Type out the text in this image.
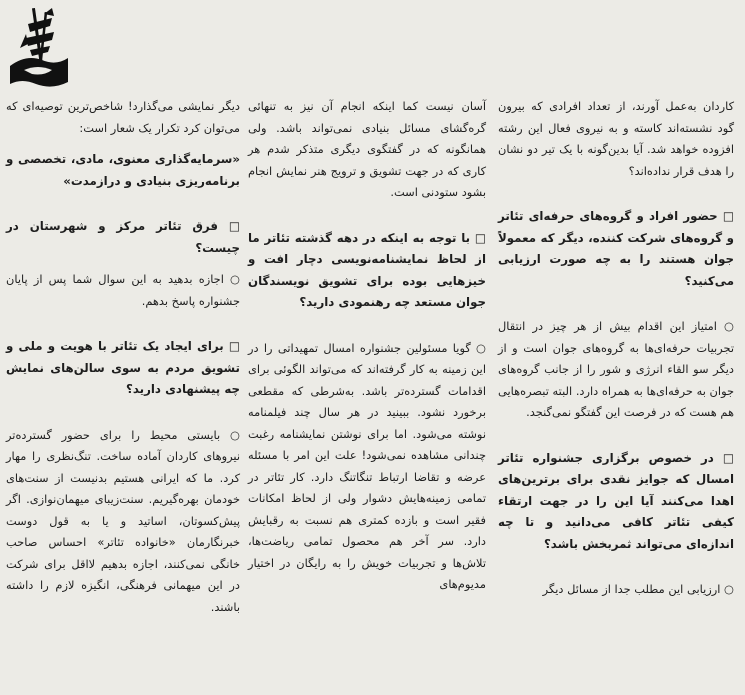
کاردان به‌عمل آورند، از تعداد افرادی که بیرون گود نشسته‌اند کاسته و به نیروی فعال این رشته افزوده خواهد شد. آیا بدین‌گونه با یک تیر دو نشان را هدف قرار نداده‌اند؟

□ حضور افراد و گروه‌های حرفه‌ای تئاتر و گروه‌های شرکت کننده، دیگر که معمولاً جوان هستند را به چه صورت ارزیابی می‌کنید؟

○ امتیاز این اقدام بیش از هر چیز در انتقال تجربیات حرفه‌ای‌ها به گروه‌های جوان است و از دیگر سو القاء انرژی و شور را از جانب گروه‌های جوان به حرفه‌ای‌ها به همراه دارد. البته تبصره‌هایی هم هست که در فرصت این گفتگو نمی‌گنجد.

□ در خصوص برگزاری جشنواره تئاتر امسال که جوایز نقدی برای برترین‌های اهدا می‌کنند آیا این را در جهت ارتقاء کیفی تئاتر کافی می‌دانید و تا چه اندازه‌ای می‌تواند ثمربخش باشد؟

○ ارزیابی این مطلب جدا از مسائل دیگر

آسان نیست کما اینکه انجام آن نیز به تنهائی گره‌گشای مسائل بنیادی نمی‌تواند باشد. ولی همانگونه که در گفتگوی دیگری متذکر شدم هر کاری که در جهت تشویق و ترویج هنر نمایش انجام بشود ستودنی است.

□ با توجه به اینکه در دهه گذشته تئاتر ما از لحاظ نمایشنامه‌نویسی دچار افت و خیزهایی بوده برای تشویق نویسندگان جوان مستعد چه رهنمودی دارید؟

○ گویا مسئولین جشنواره امسال تمهیداتی را در این زمینه به کار گرفته‌اند که می‌تواند الگوئی برای اقدامات گسترده‌تر باشد. به‌شرطی که مقطعی برخورد نشود. ببینید در هر سال چند فیلمنامه نوشته می‌شود. اما برای نوشتن نمایشنامه رغبت چندانی مشاهده نمی‌شود! علت این امر با مسئله عرضه و تقاضا ارتباط تنگاتنگ دارد. کار تئاتر در تمامی زمینه‌هایش دشوار ولی از لحاظ امکانات فقیر است و بازده کمتری هم نسبت به رقبایش دارد. سر آخر هم محصول تمامی ریاضت‌ها، تلاش‌ها و تجربیات خویش را به رایگان در اختیار مدیوم‌های

دیگر نمایشی می‌گذارد! شاخص‌ترین توصیه‌ای که می‌توان کرد تکرار یک شعار است:

«سرمایه‌گذاری معنوی، مادی، تخصصی و برنامه‌ریزی بنیادی و درازمدت»

□ فرق تئاتر مرکز و شهرستان در چیست؟

○ اجازه بدهید به این سوال شما پس از پایان جشنواره پاسخ بدهم.

□ برای ایجاد یک تئاتر با هویت و ملی و تشویق مردم به سوی سالن‌های نمایش چه پیشنهادی دارید؟

○ بایستی محیط را برای حضور گسترده‌تر نیروهای کاردان آماده ساخت. تنگ‌نظری را مهار کرد. ما که ایرانی هستیم بدنیست از سنت‌های خودمان بهره‌گیریم. سنت‌زیبای میهمان‌نوازی. اگر پیش‌کسوتان، اساتید و یا به قول دوست خبرنگارمان «خانواده تئاتر» احساس صاحب خانگی نمی‌کنند، اجازه بدهیم لااقل برای شرکت در این میهمانی فرهنگی، انگیزه لازم را داشته باشند.
